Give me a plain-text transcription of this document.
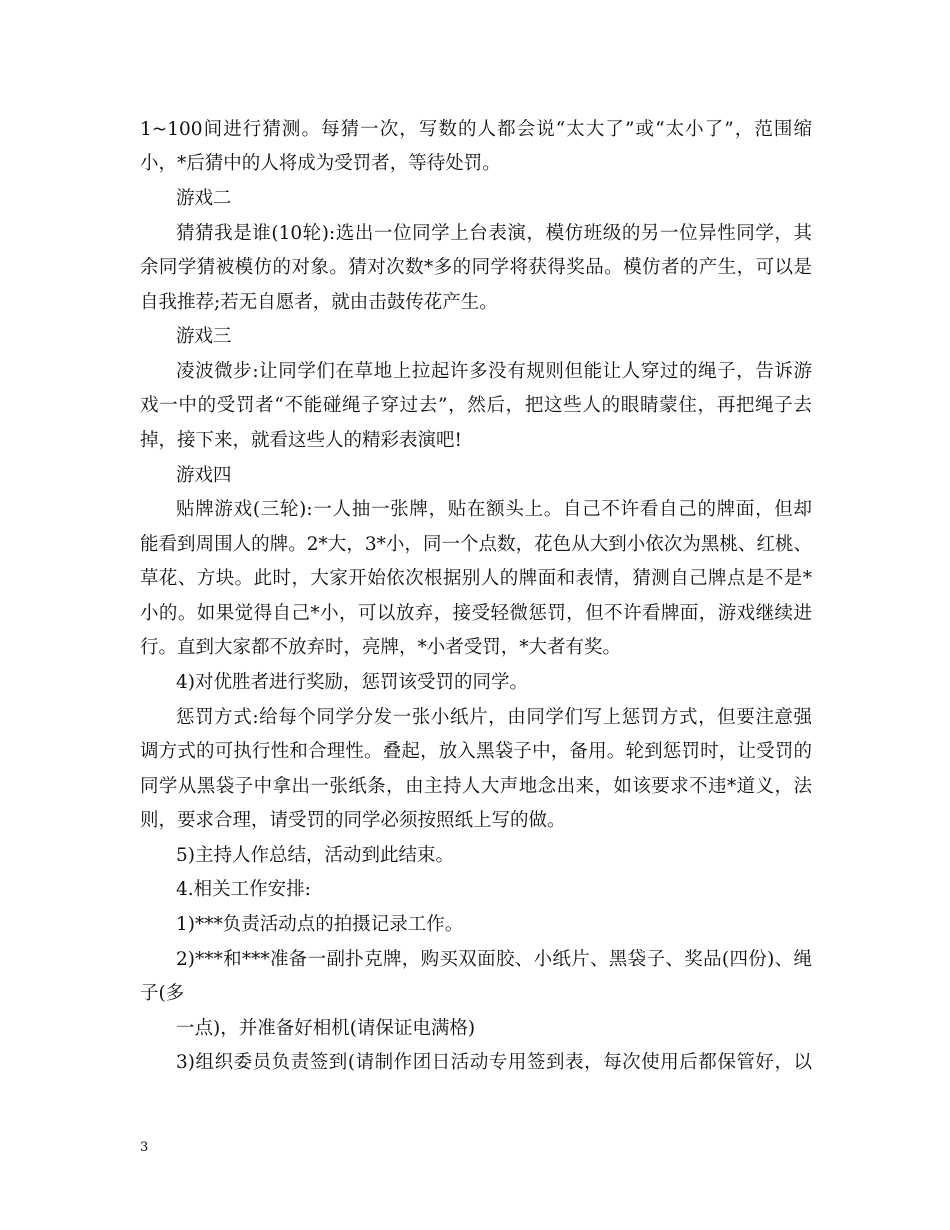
1~100间进行猜测。每猜一次，写数的人都会说“太大了”或“太小了”，范围缩
小，*后猜中的人将成为受罚者，等待处罚。
游戏二
猜猜我是谁(10轮):选出一位同学上台表演，模仿班级的另一位异性同学，其
余同学猜被模仿的对象。猜对次数*多的同学将获得奖品。模仿者的产生，可以是
自我推荐;若无自愿者，就由击鼓传花产生。
游戏三
凌波微步:让同学们在草地上拉起许多没有规则但能让人穿过的绳子，告诉游
戏一中的受罚者“不能碰绳子穿过去”，然后，把这些人的眼睛蒙住，再把绳子去
掉，接下来，就看这些人的精彩表演吧!
游戏四
贴牌游戏(三轮):一人抽一张牌，贴在额头上。自己不许看自己的牌面，但却
能看到周围人的牌。2*大，3*小，同一个点数，花色从大到小依次为黑桃、红桃、
草花、方块。此时，大家开始依次根据别人的牌面和表情，猜测自己牌点是不是*
小的。如果觉得自己*小，可以放弃，接受轻微惩罚，但不许看牌面，游戏继续进
行。直到大家都不放弃时，亮牌，*小者受罚，*大者有奖。
4)对优胜者进行奖励，惩罚该受罚的同学。
惩罚方式:给每个同学分发一张小纸片，由同学们写上惩罚方式，但要注意强
调方式的可执行性和合理性。叠起，放入黑袋子中，备用。轮到惩罚时，让受罚的
同学从黑袋子中拿出一张纸条，由主持人大声地念出来，如该要求不违*道义，法
则，要求合理，请受罚的同学必须按照纸上写的做。
5)主持人作总结，活动到此结束。
4.相关工作安排:
1)***负责活动点的拍摄记录工作。
2)***和***准备一副扑克牌，购买双面胶、小纸片、黑袋子、奖品(四份)、绳
子(多
一点)，并准备好相机(请保证电满格)
3)组织委员负责签到(请制作团日活动专用签到表，每次使用后都保管好，以
3
